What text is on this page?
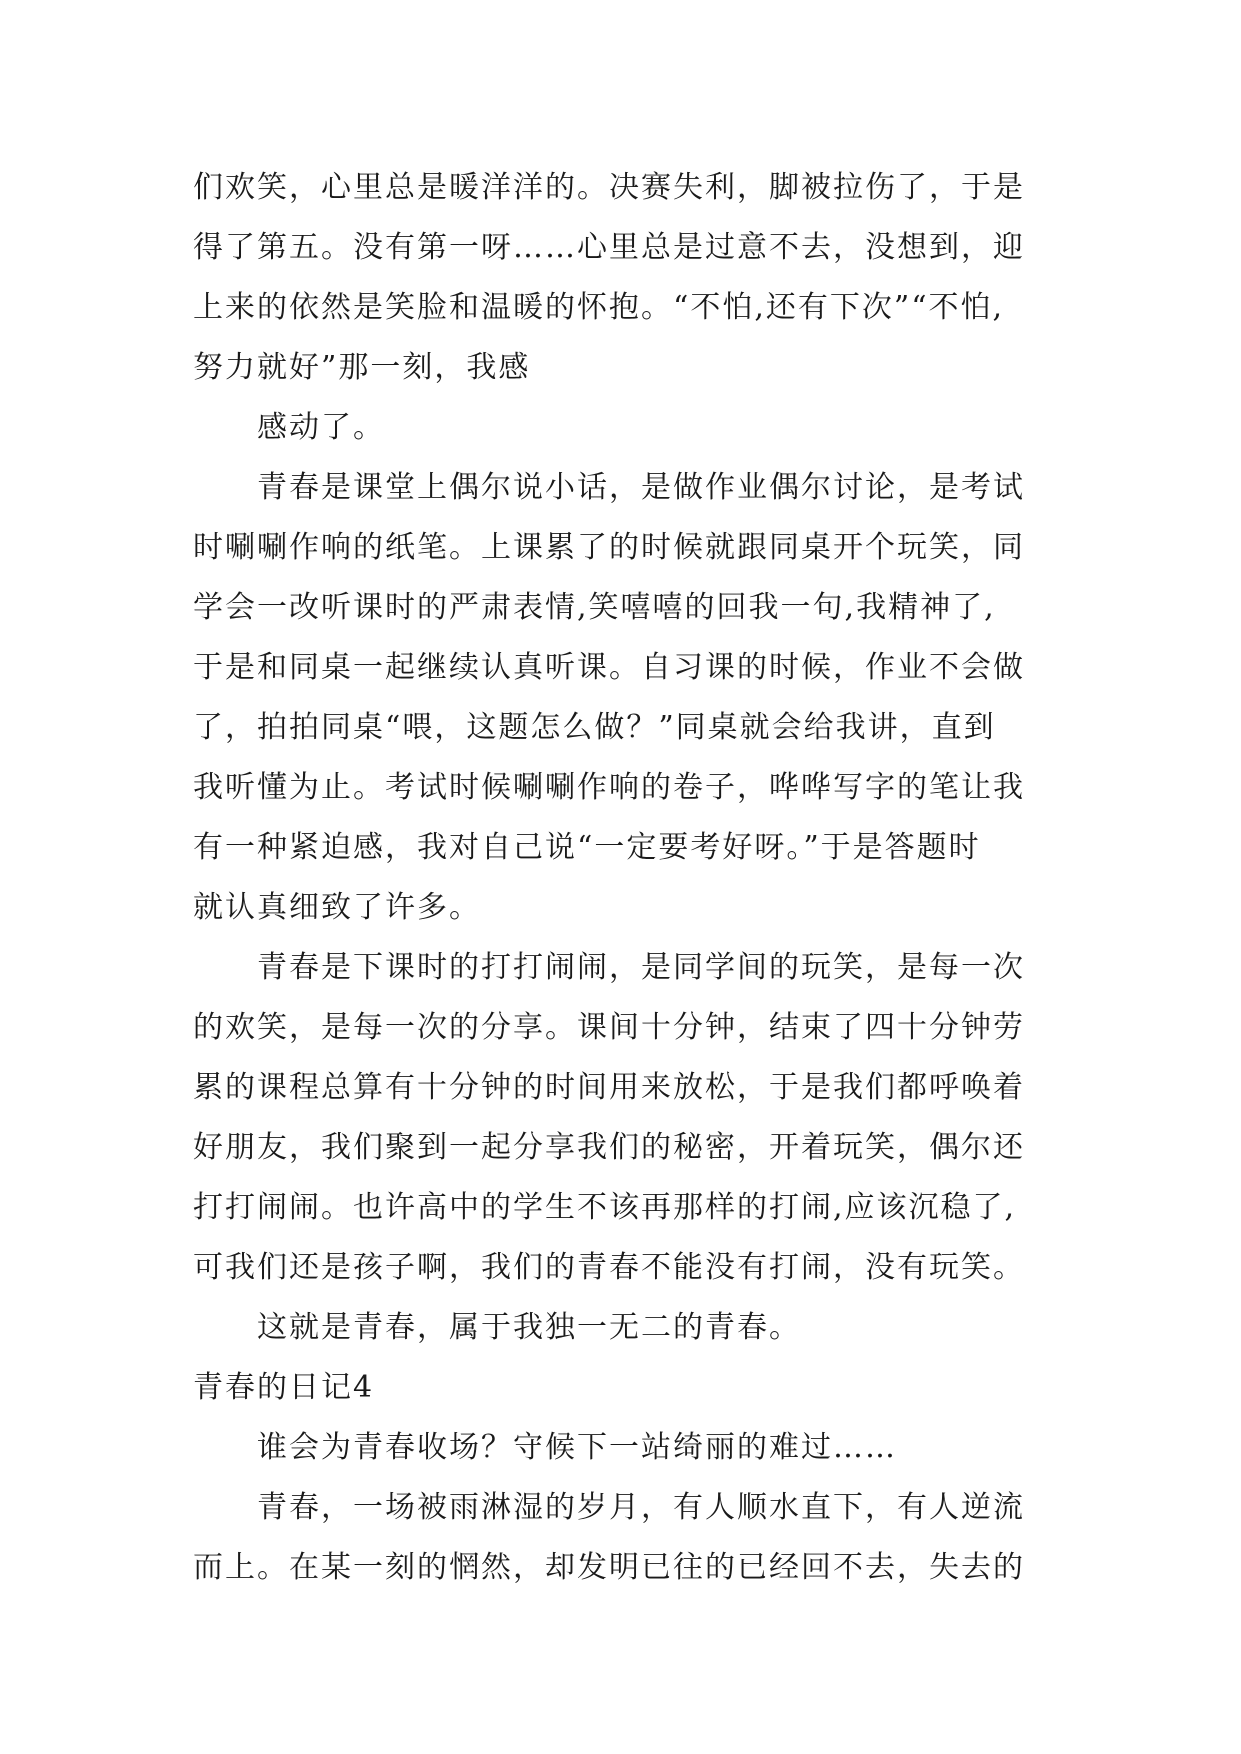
们欢笑，心里总是暖洋洋的。决赛失利，脚被拉伤了，于是
得了第五。没有第一呀……心里总是过意不去，没想到，迎
上来的依然是笑脸和温暖的怀抱。“不怕,还有下次”“不怕,
努力就好”那一刻，我感
感动了。
青春是课堂上偶尔说小话，是做作业偶尔讨论，是考试
时唰唰作响的纸笔。上课累了的时候就跟同桌开个玩笑，同
学会一改听课时的严肃表情,笑嘻嘻的回我一句,我精神了,
于是和同桌一起继续认真听课。自习课的时候，作业不会做
了，拍拍同桌“喂，这题怎么做？”同桌就会给我讲，直到
我听懂为止。考试时候唰唰作响的卷子，哗哗写字的笔让我
有一种紧迫感，我对自己说“一定要考好呀。”于是答题时
就认真细致了许多。
青春是下课时的打打闹闹，是同学间的玩笑，是每一次
的欢笑，是每一次的分享。课间十分钟，结束了四十分钟劳
累的课程总算有十分钟的时间用来放松，于是我们都呼唤着
好朋友，我们聚到一起分享我们的秘密，开着玩笑，偶尔还
打打闹闹。也许高中的学生不该再那样的打闹,应该沉稳了,
可我们还是孩子啊，我们的青春不能没有打闹，没有玩笑。
这就是青春，属于我独一无二的青春。
青春的日记4
谁会为青春收场？守候下一站绮丽的难过……
青春，一场被雨淋湿的岁月，有人顺水直下，有人逆流
而上。在某一刻的惘然，却发明已往的已经回不去，失去的
